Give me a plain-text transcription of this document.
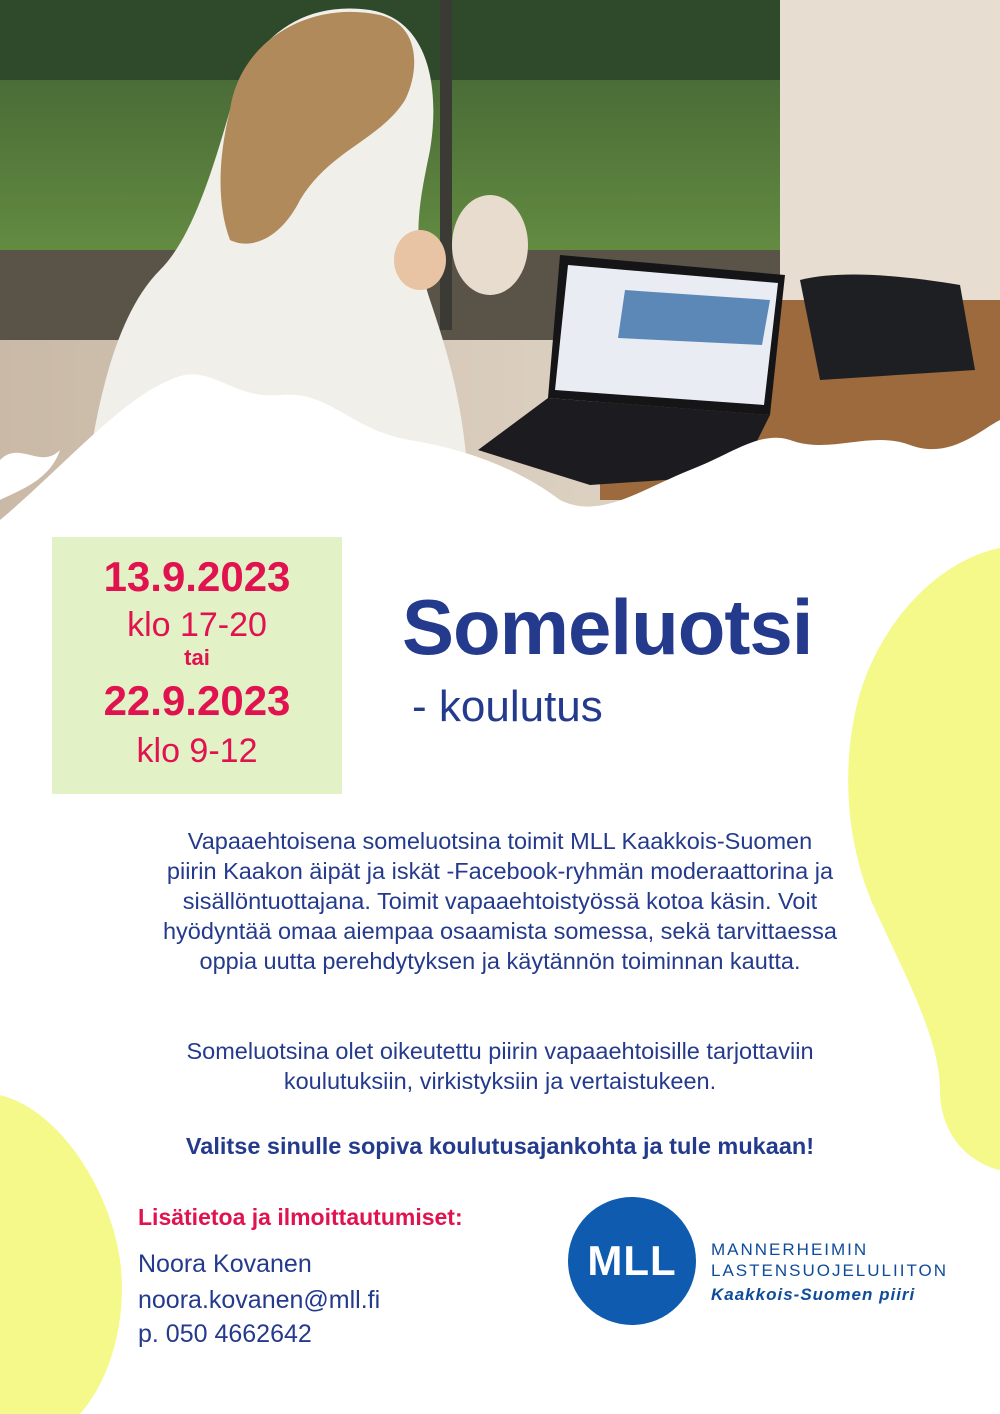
13.9.2023
klo 17-20
tai
22.9.2023
klo 9-12
Someluotsi
- koulutus
Vapaaehtoisena someluotsina toimit MLL Kaakkois-Suomen
piirin Kaakon äipät ja iskät -Facebook-ryhmän moderaattorina ja
sisällöntuottajana. Toimit vapaaehtoistyössä kotoa käsin. Voit
hyödyntää omaa aiempaa osaamista somessa, sekä tarvittaessa
oppia uutta perehdytyksen ja käytännön toiminnan kautta.
Someluotsina olet oikeutettu piirin vapaaehtoisille tarjottaviin
koulutuksiin, virkistyksiin ja vertaistukeen.
Valitse sinulle sopiva koulutusajankohta ja tule mukaan!
Lisätietoa ja ilmoittautumiset:
Noora Kovanen
noora.kovanen@mll.fi
p. 050 4662642
MLL	MANNERHEIMIN
LASTENSUOJELULIITON
Kaakkois-Suomen piiri
